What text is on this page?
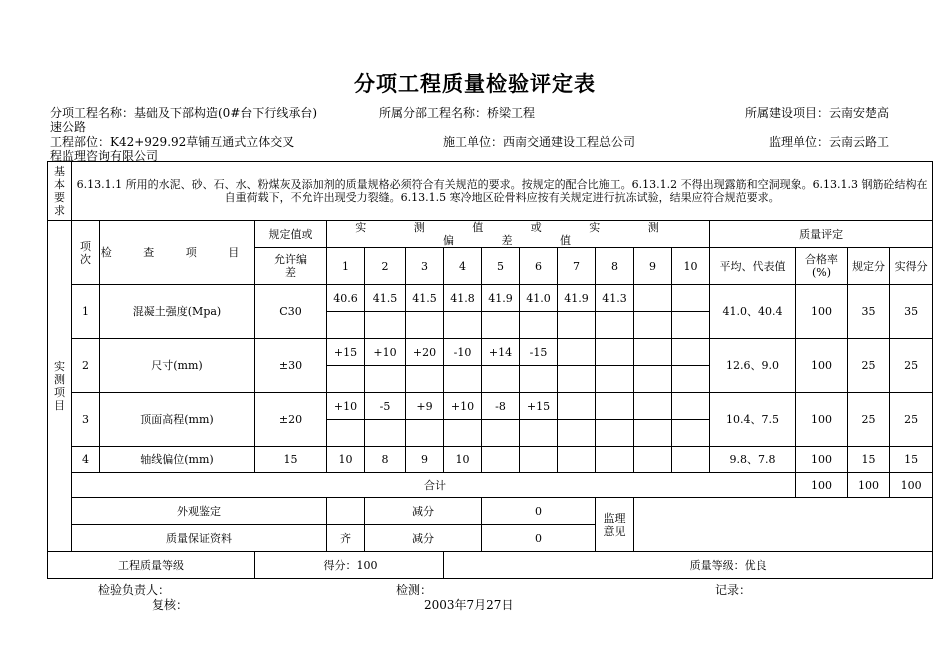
分项工程质量检验评定表
分项工程名称：基础及下部构造(0#台下行线承台)	所属分部工程名称：桥梁工程	所属建设项目：云南安楚高
速公路
工程部位：K42+929.92草铺互通式立体交叉	施工单位：西南交通建设工程总公司	监理单位：云南云路工
程监理咨询有限公司
基本要求	6.13.1.1 所用的水泥、砂、石、水、粉煤灰及添加剂的质量规格必须符合有关规范的要求。按规定的配合比施工。6.13.1.2 不得出现露筋和空洞现象。6.13.1.3 钢筋砼结构在自重荷载下，不允许出现受力裂缝。6.13.1.5 寒冷地区砼骨料应按有关规定进行抗冻试验，结果应符合规范要求。																
实测项目	项次	检 查 项 目	规定值或	实 测 值 或 实 测 偏 差 值										质量评定			
			允许编差	1	2	3	4	5	6	7	8	9	10	平均、代表值	合格率(%)	规定分	实得分
	1	混凝土强度(Mpa)	C30	40.6	41.5	41.5	41.8	41.9	41.0	41.9	41.3			41.0、40.4	100	35	35

	2	尺寸(mm)	±30	+15	+10	+20	-10	+14	-15					12.6、9.0	100	25	25

	3	顶面高程(mm)	±20	+10	-5	+9	+10	-8	+15					10.4、7.5	100	25	25

	4	轴线偏位(mm)	15	10	8	9	10							9.8、7.8	100	15	15
	合计														100	100	100
	外观鉴定				减分			0			监理意见						
	质量保证资料			齐	减分			0									
工程质量等级			得分：100				质量等级：优良										
检验负责人：	检测：	记录：
复核：	2003年7月27日
